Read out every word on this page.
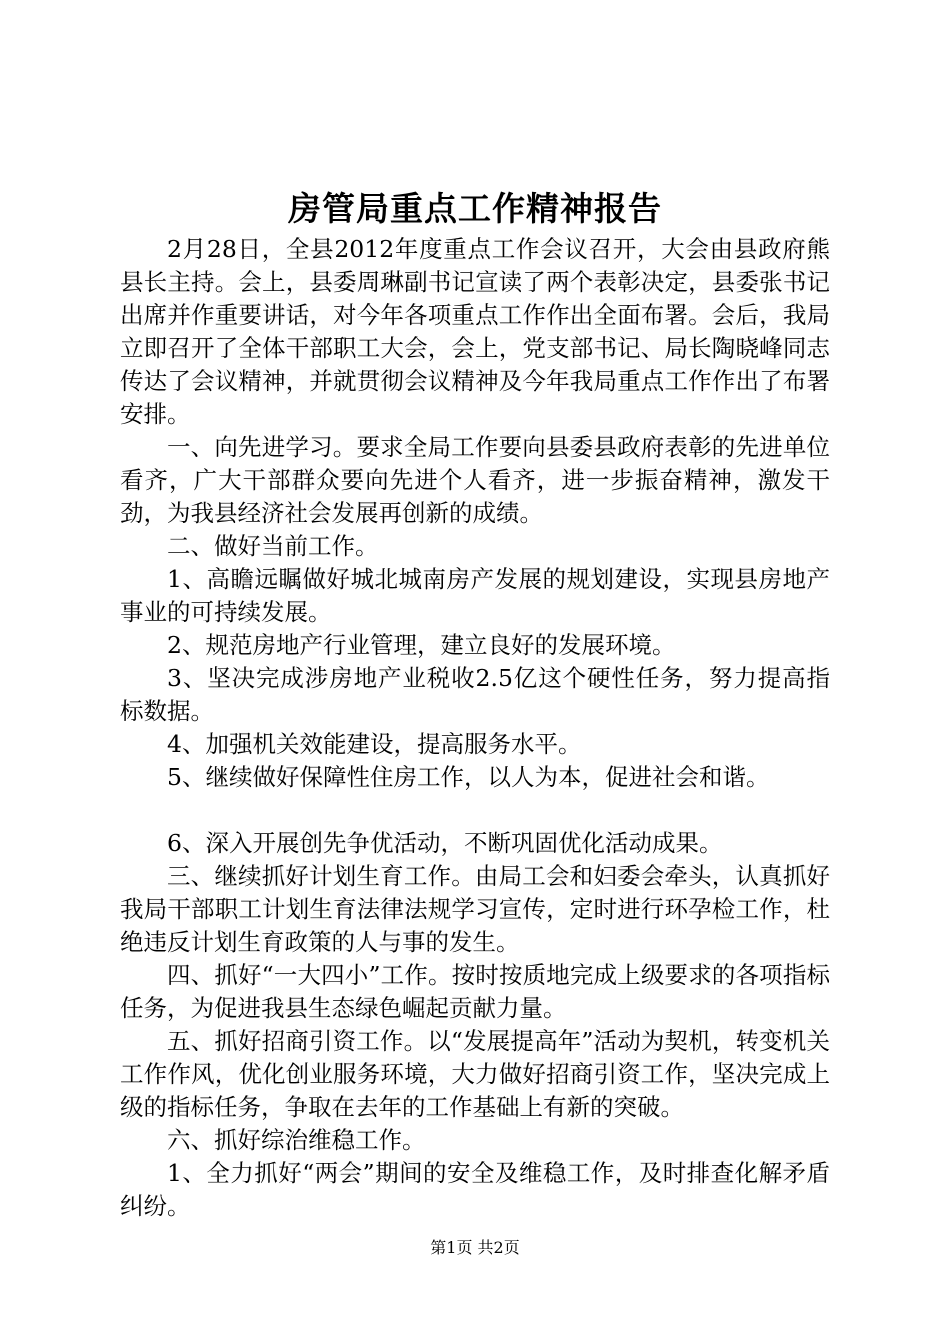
房管局重点工作精神报告

2月28日，全县2012年度重点工作会议召开，大会由县政府熊县长主持。会上，县委周琳副书记宣读了两个表彰决定，县委张书记出席并作重要讲话，对今年各项重点工作作出全面布署。会后，我局立即召开了全体干部职工大会，会上，党支部书记、局长陶晓峰同志传达了会议精神，并就贯彻会议精神及今年我局重点工作作出了布署安排。

一、向先进学习。要求全局工作要向县委县政府表彰的先进单位看齐，广大干部群众要向先进个人看齐，进一步振奋精神，激发干劲，为我县经济社会发展再创新的成绩。

二、做好当前工作。

1、高瞻远瞩做好城北城南房产发展的规划建设，实现县房地产事业的可持续发展。

2、规范房地产行业管理，建立良好的发展环境。

3、坚决完成涉房地产业税收2.5亿这个硬性任务，努力提高指标数据。

4、加强机关效能建设，提高服务水平。

5、继续做好保障性住房工作，以人为本，促进社会和谐。

6、深入开展创先争优活动，不断巩固优化活动成果。

三、继续抓好计划生育工作。由局工会和妇委会牵头，认真抓好我局干部职工计划生育法律法规学习宣传，定时进行环孕检工作，杜绝违反计划生育政策的人与事的发生。

四、抓好“一大四小”工作。按时按质地完成上级要求的各项指标任务，为促进我县生态绿色崛起贡献力量。

五、抓好招商引资工作。以“发展提高年”活动为契机，转变机关工作作风，优化创业服务环境，大力做好招商引资工作，坚决完成上级的指标任务，争取在去年的工作基础上有新的突破。

六、抓好综治维稳工作。

1、全力抓好“两会”期间的安全及维稳工作，及时排查化解矛盾纠纷。

第1页 共2页
